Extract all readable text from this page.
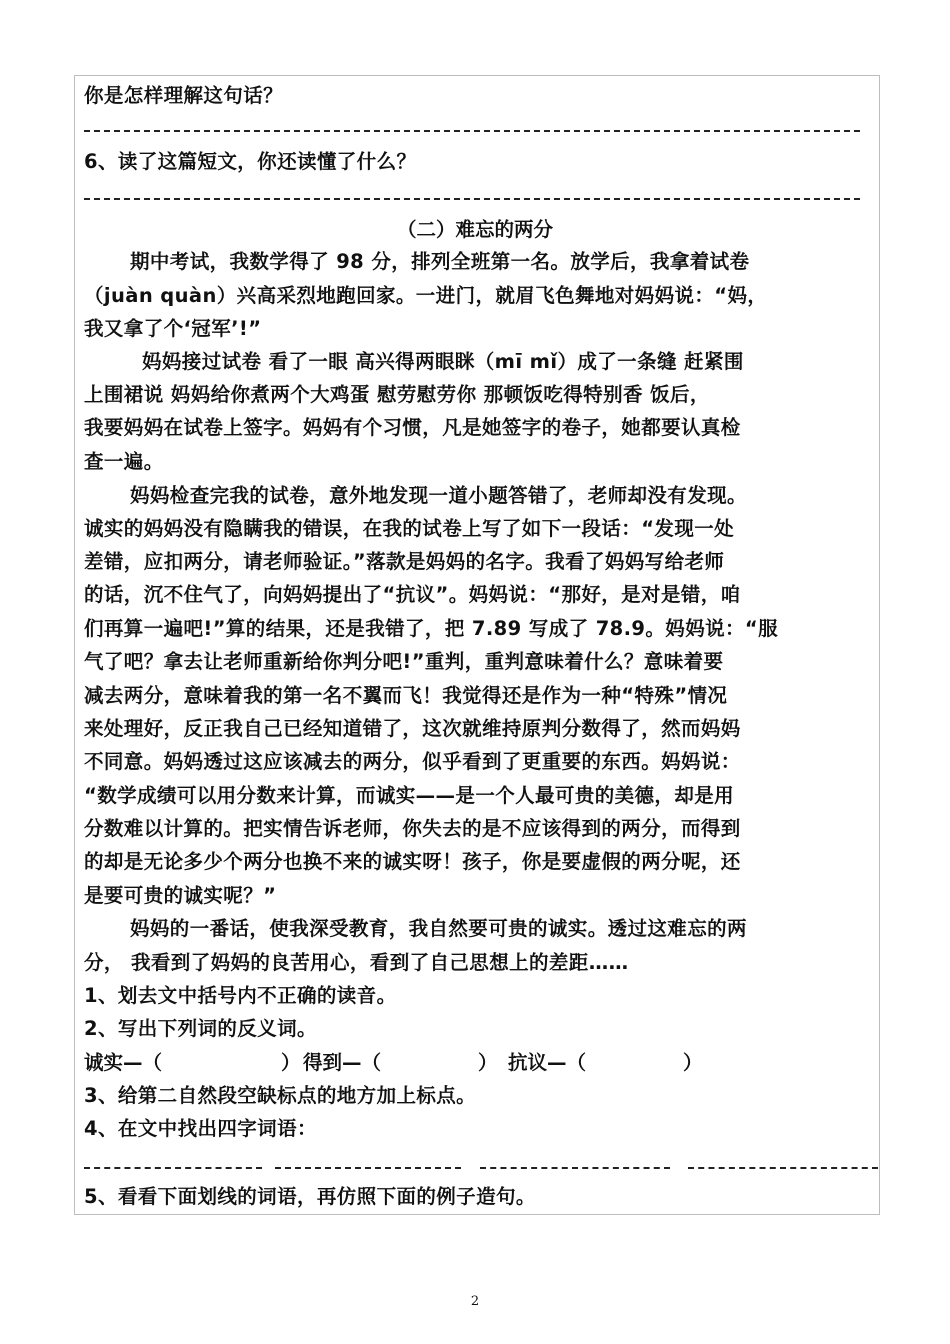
你是怎样理解这句话？
6、读了这篇短文，你还读懂了什么？
（二）难忘的两分
期中考试，我数学得了 98 分，排列全班第一名。放学后，我拿着试卷
（juàn quàn）兴高采烈地跑回家。一进门，就眉飞色舞地对妈妈说：“妈，
我又拿了个‘冠军’!”
妈妈接过试卷 看了一眼 高兴得两眼眯（mī mǐ）成了一条缝 赶紧围
上围裙说 妈妈给你煮两个大鸡蛋 慰劳慰劳你 那顿饭吃得特别香 饭后，
我要妈妈在试卷上签字。妈妈有个习惯，凡是她签字的卷子，她都要认真检
查一遍。
妈妈检查完我的试卷，意外地发现一道小题答错了，老师却没有发现。
诚实的妈妈没有隐瞒我的错误，在我的试卷上写了如下一段话：“发现一处
差错，应扣两分，请老师验证。”落款是妈妈的名字。我看了妈妈写给老师
的话，沉不住气了，向妈妈提出了“抗议”。妈妈说：“那好，是对是错，咱
们再算一遍吧!”算的结果，还是我错了，把 7.89 写成了 78.9。妈妈说：“服
气了吧？拿去让老师重新给你判分吧!”重判，重判意味着什么？意味着要
减去两分，意味着我的第一名不翼而飞！我觉得还是作为一种“特殊”情况
来处理好，反正我自己已经知道错了，这次就维持原判分数得了，然而妈妈
不同意。妈妈透过这应该减去的两分，似乎看到了更重要的东西。妈妈说：
“数学成绩可以用分数来计算，而诚实——是一个人最可贵的美德，却是用
分数难以计算的。把实情告诉老师，你失去的是不应该得到的两分，而得到
的却是无论多少个两分也换不来的诚实呀！孩子，你是要虚假的两分呢，还
是要可贵的诚实呢？”
妈妈的一番话，使我深受教育，我自然要可贵的诚实。透过这难忘的两
分， 我看到了妈妈的良苦用心，看到了自己思想上的差距……
1、划去文中括号内不正确的读音。
2、写出下列词的反义词。
诚实—（	） 得到—（	） 抗议—（	）
3、给第二自然段空缺标点的地方加上标点。
4、在文中找出四字词语：
5、看看下面划线的词语，再仿照下面的例子造句。
2
